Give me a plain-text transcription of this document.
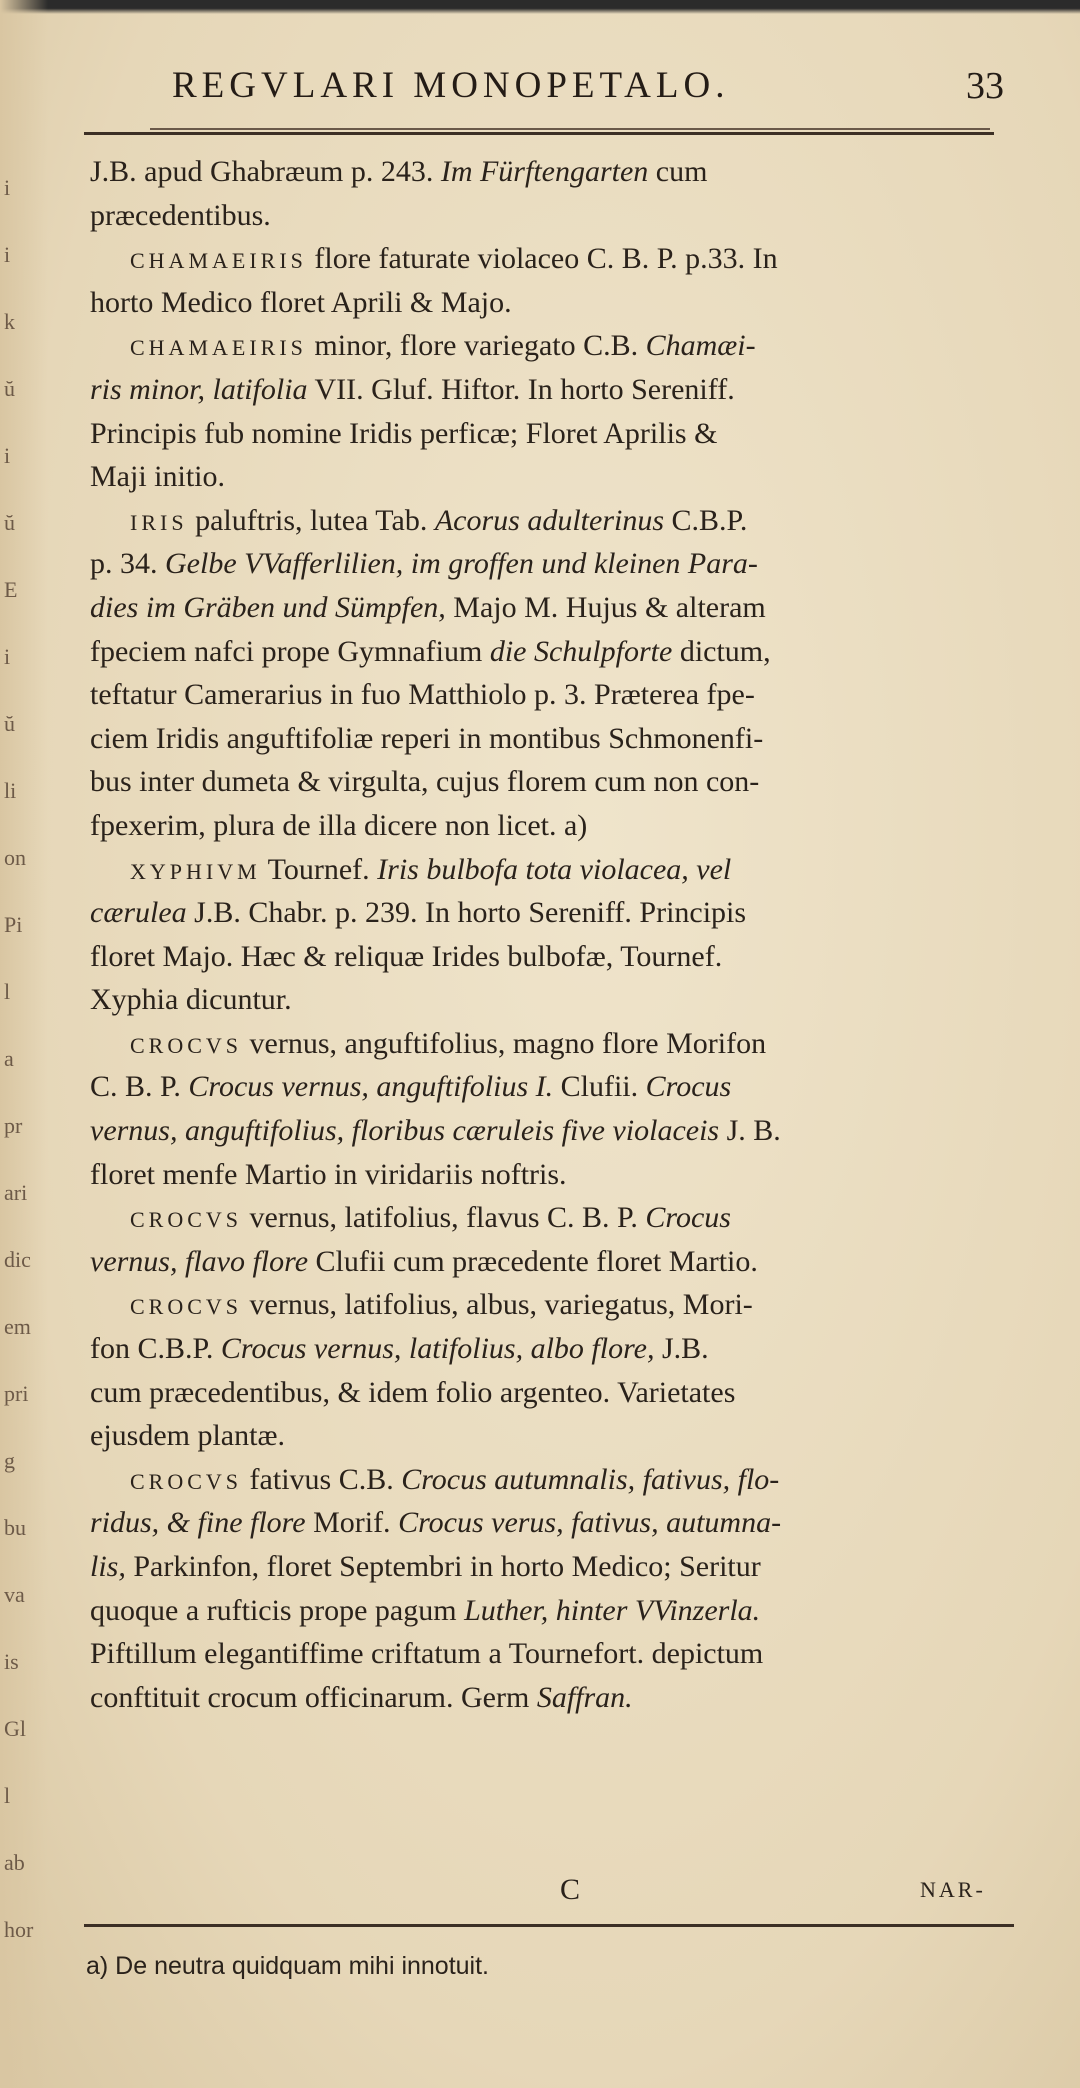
i
i
k
ŭ
i
ŭ
E
i
ŭ
li
on
Pi
l
a
pr
ari
dic
em
pri
g
bu
va
is
Gl
l
ab
hor
REGVLARI MONOPETALO.	33
J.B. apud Ghabræum p. 243. Im Fürftengarten cum
præcedentibus.
CHAMAEIRIS flore faturate violaceo C. B. P. p.33. In
horto Medico floret Aprili & Majo.
CHAMAEIRIS minor, flore variegato C.B. Chamæi-
ris minor, latifolia VII. Gluf. Hiftor. In horto Sereniff.
Principis fub nomine Iridis perficæ; Floret Aprilis &
Maji initio.
IRIS paluftris, lutea Tab. Acorus adulterinus C.B.P.
p. 34. Gelbe VVafferlilien, im groffen und kleinen Para-
dies im Gräben und Sümpfen, Majo M. Hujus & alteram
fpeciem nafci prope Gymnafium die Schulpforte dictum,
teftatur Camerarius in fuo Matthiolo p. 3. Præterea fpe-
ciem Iridis anguftifoliæ reperi in montibus Schmonenfi-
bus inter dumeta & virgulta, cujus florem cum non con-
fpexerim, plura de illa dicere non licet. a)
XYPHIVM Tournef. Iris bulbofa tota violacea, vel
cærulea J.B. Chabr. p. 239. In horto Sereniff. Principis
floret Majo. Hæc & reliquæ Irides bulbofæ, Tournef.
Xyphia dicuntur.
CROCVS vernus, anguftifolius, magno flore Morifon
C. B. P. Crocus vernus, anguftifolius I. Clufii. Crocus
vernus, anguftifolius, floribus cæruleis five violaceis J. B.
floret menfe Martio in viridariis noftris.
CROCVS vernus, latifolius, flavus C. B. P. Crocus
vernus, flavo flore Clufii cum præcedente floret Martio.
CROCVS vernus, latifolius, albus, variegatus, Mori-
fon C.B.P. Crocus vernus, latifolius, albo flore, J.B.
cum præcedentibus, & idem folio argenteo. Varietates
ejusdem plantæ.
CROCVS fativus C.B. Crocus autumnalis, fativus, flo-
ridus, & fine flore Morif. Crocus verus, fativus, autumna-
lis, Parkinfon, floret Septembri in horto Medico; Seritur
quoque a rufticis prope pagum Luther, hinter VVinzerla.
Piftillum elegantiffime criftatum a Tournefort. depictum
conftituit crocum officinarum. Germ Saffran.
C	NAR-
a) De neutra quidquam mihi innotuit.
